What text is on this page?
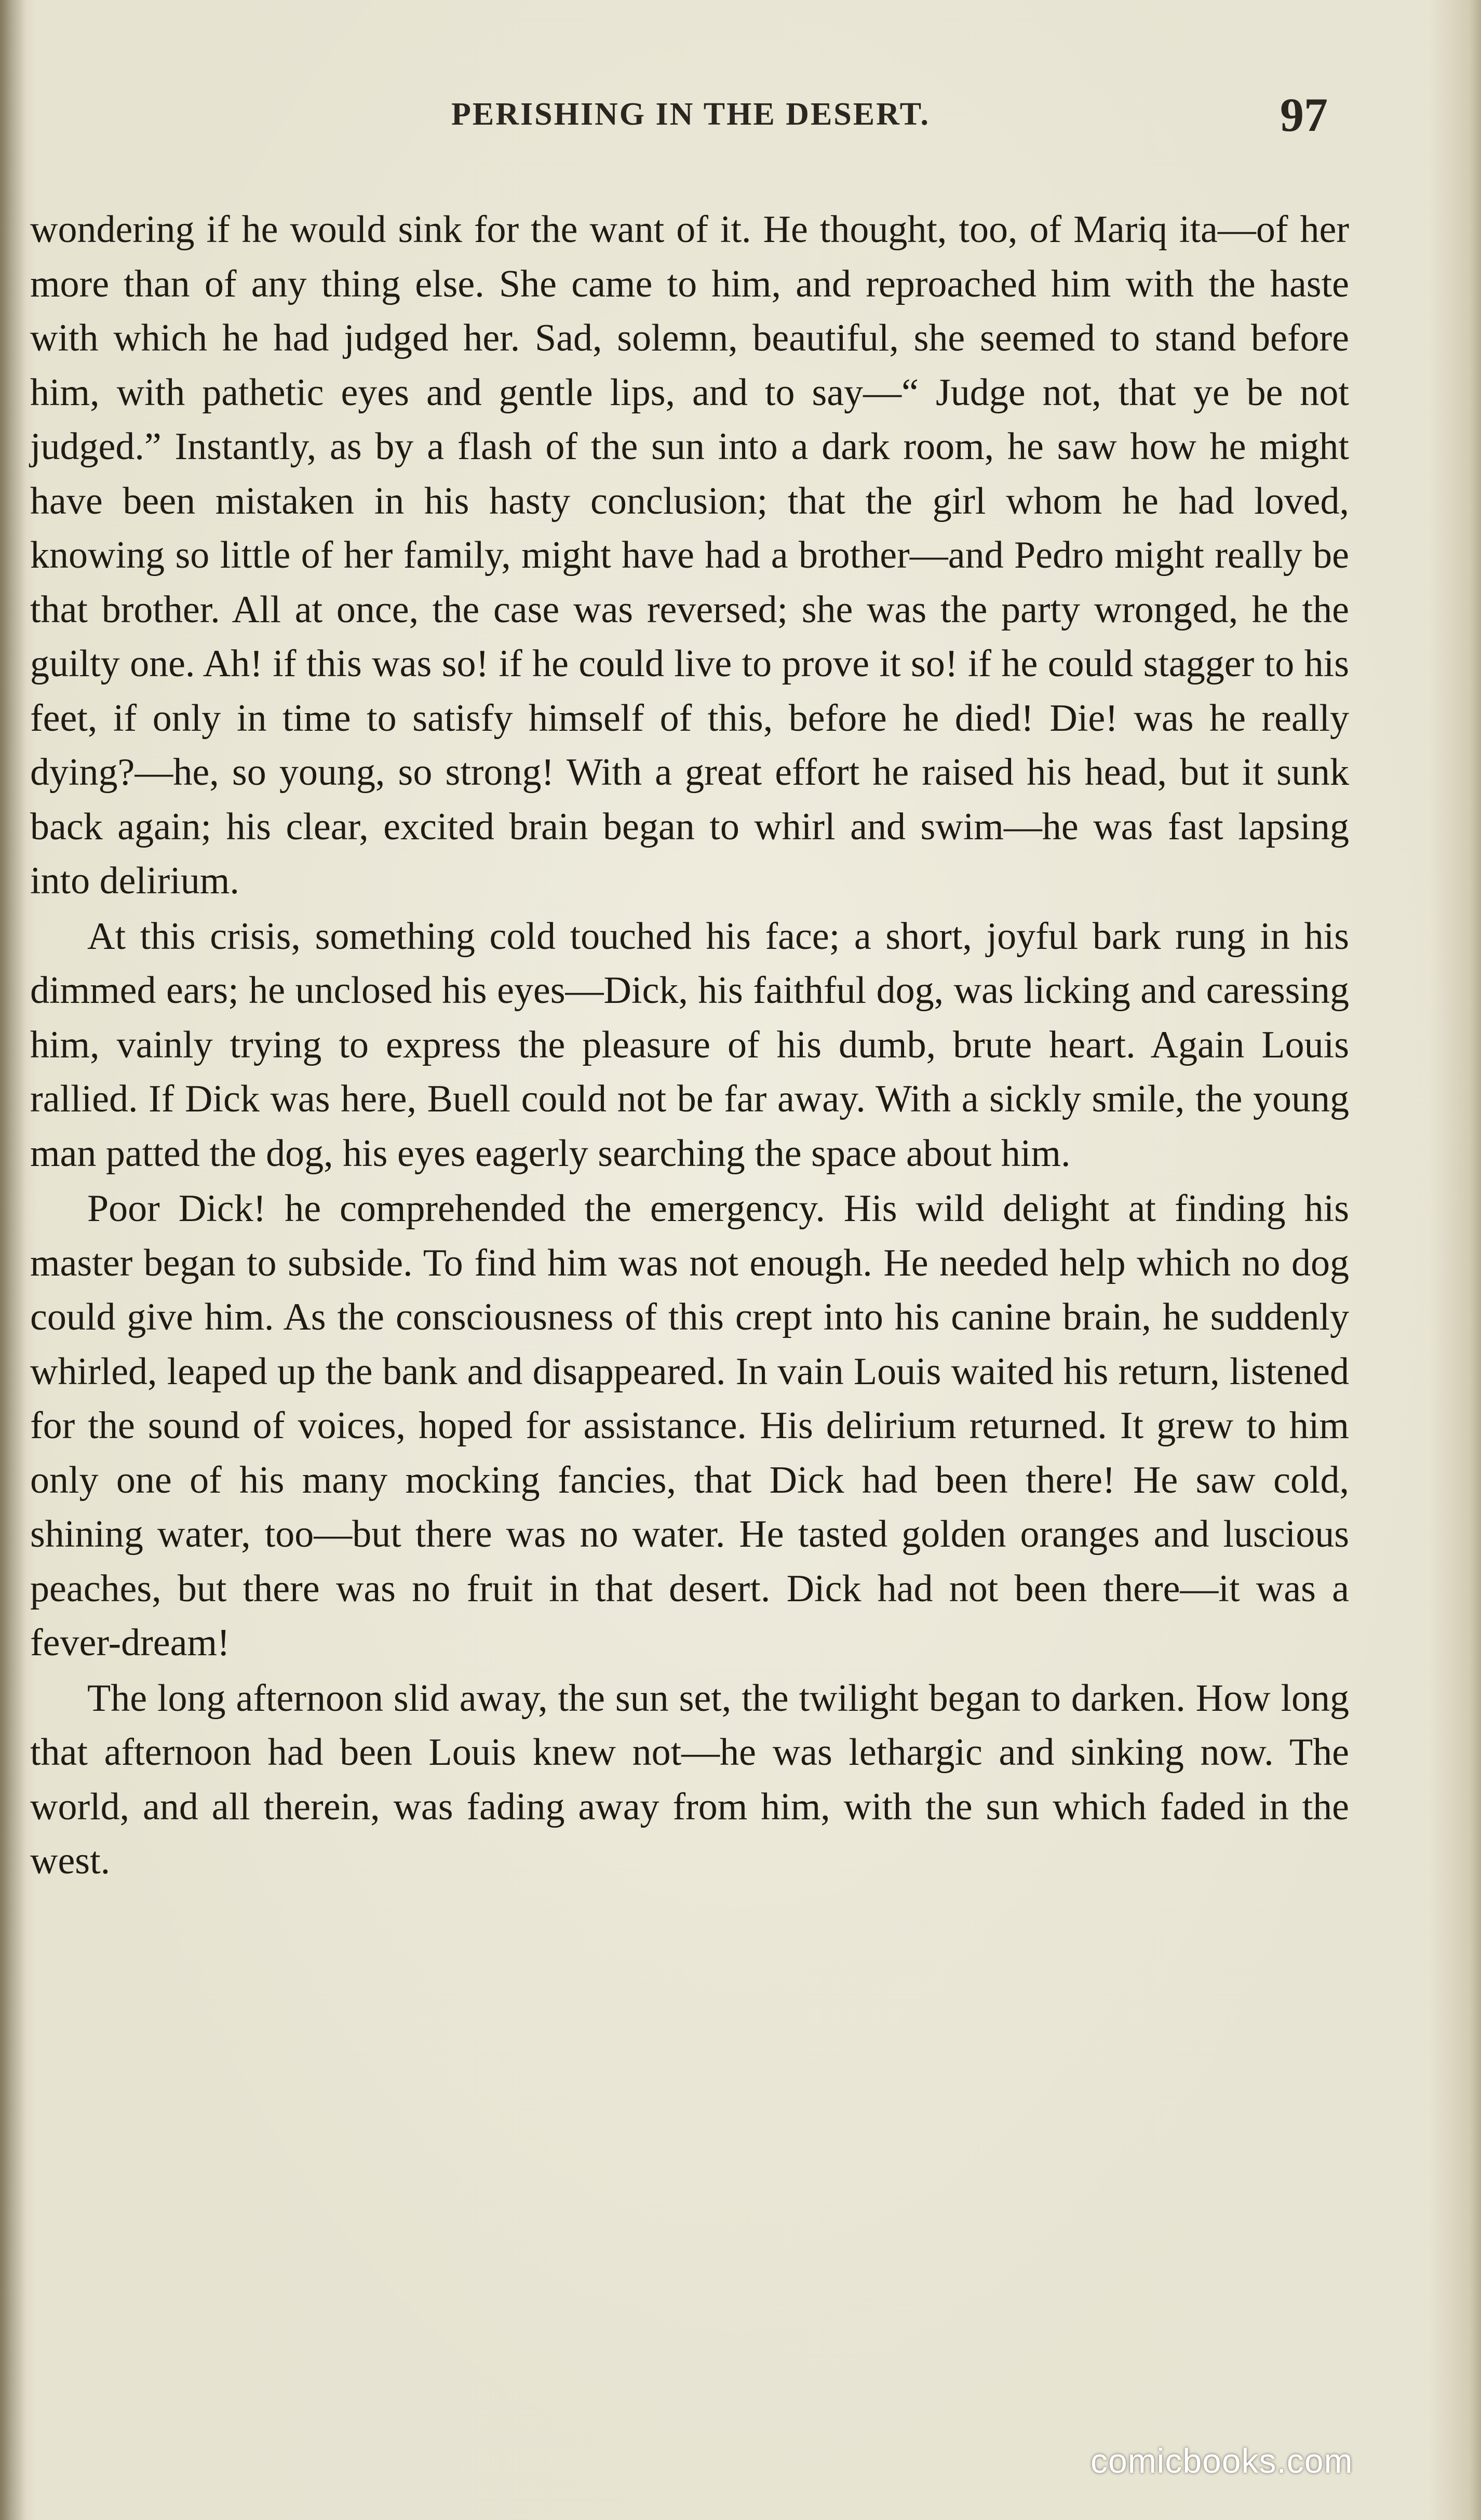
PERISHING IN THE DESERT.	97

wondering if he would sink for the want of it. He thought, too, of Mariq ita—of her more than of any thing else. She came to him, and reproached him with the haste with which he had judged her. Sad, solemn, beautiful, she seemed to stand before him, with pathetic eyes and gentle lips, and to say—“ Judge not, that ye be not judged.” Instantly, as by a flash of the sun into a dark room, he saw how he might have been mistaken in his hasty conclusion; that the girl whom he had loved, knowing so little of her family, might have had a brother—and Pedro might really be that brother. All at once, the case was reversed; she was the party wronged, he the guilty one. Ah! if this was so! if he could live to prove it so! if he could stagger to his feet, if only in time to satisfy himself of this, before he died! Die! was he really dying?—he, so young, so strong! With a great effort he raised his head, but it sunk back again; his clear, excited brain began to whirl and swim—he was fast lapsing into delirium.

At this crisis, something cold touched his face; a short, joyful bark rung in his dimmed ears; he unclosed his eyes—Dick, his faithful dog, was licking and caressing him, vainly trying to express the pleasure of his dumb, brute heart. Again Louis rallied. If Dick was here, Buell could not be far away. With a sickly smile, the young man patted the dog, his eyes eagerly searching the space about him.

Poor Dick! he comprehended the emergency. His wild delight at finding his master began to subside. To find him was not enough. He needed help which no dog could give him. As the consciousness of this crept into his canine brain, he suddenly whirled, leaped up the bank and disappeared. In vain Louis waited his return, listened for the sound of voices, hoped for assistance. His delirium returned. It grew to him only one of his many mocking fancies, that Dick had been there! He saw cold, shining water, too—but there was no water. He tasted golden oranges and luscious peaches, but there was no fruit in that desert. Dick had not been there—it was a fever-dream!

The long afternoon slid away, the sun set, the twilight began to darken. How long that afternoon had been Louis knew not—he was lethargic and sinking now. The world, and all therein, was fading away from him, with the sun which faded in the west.

comicbooks.com
